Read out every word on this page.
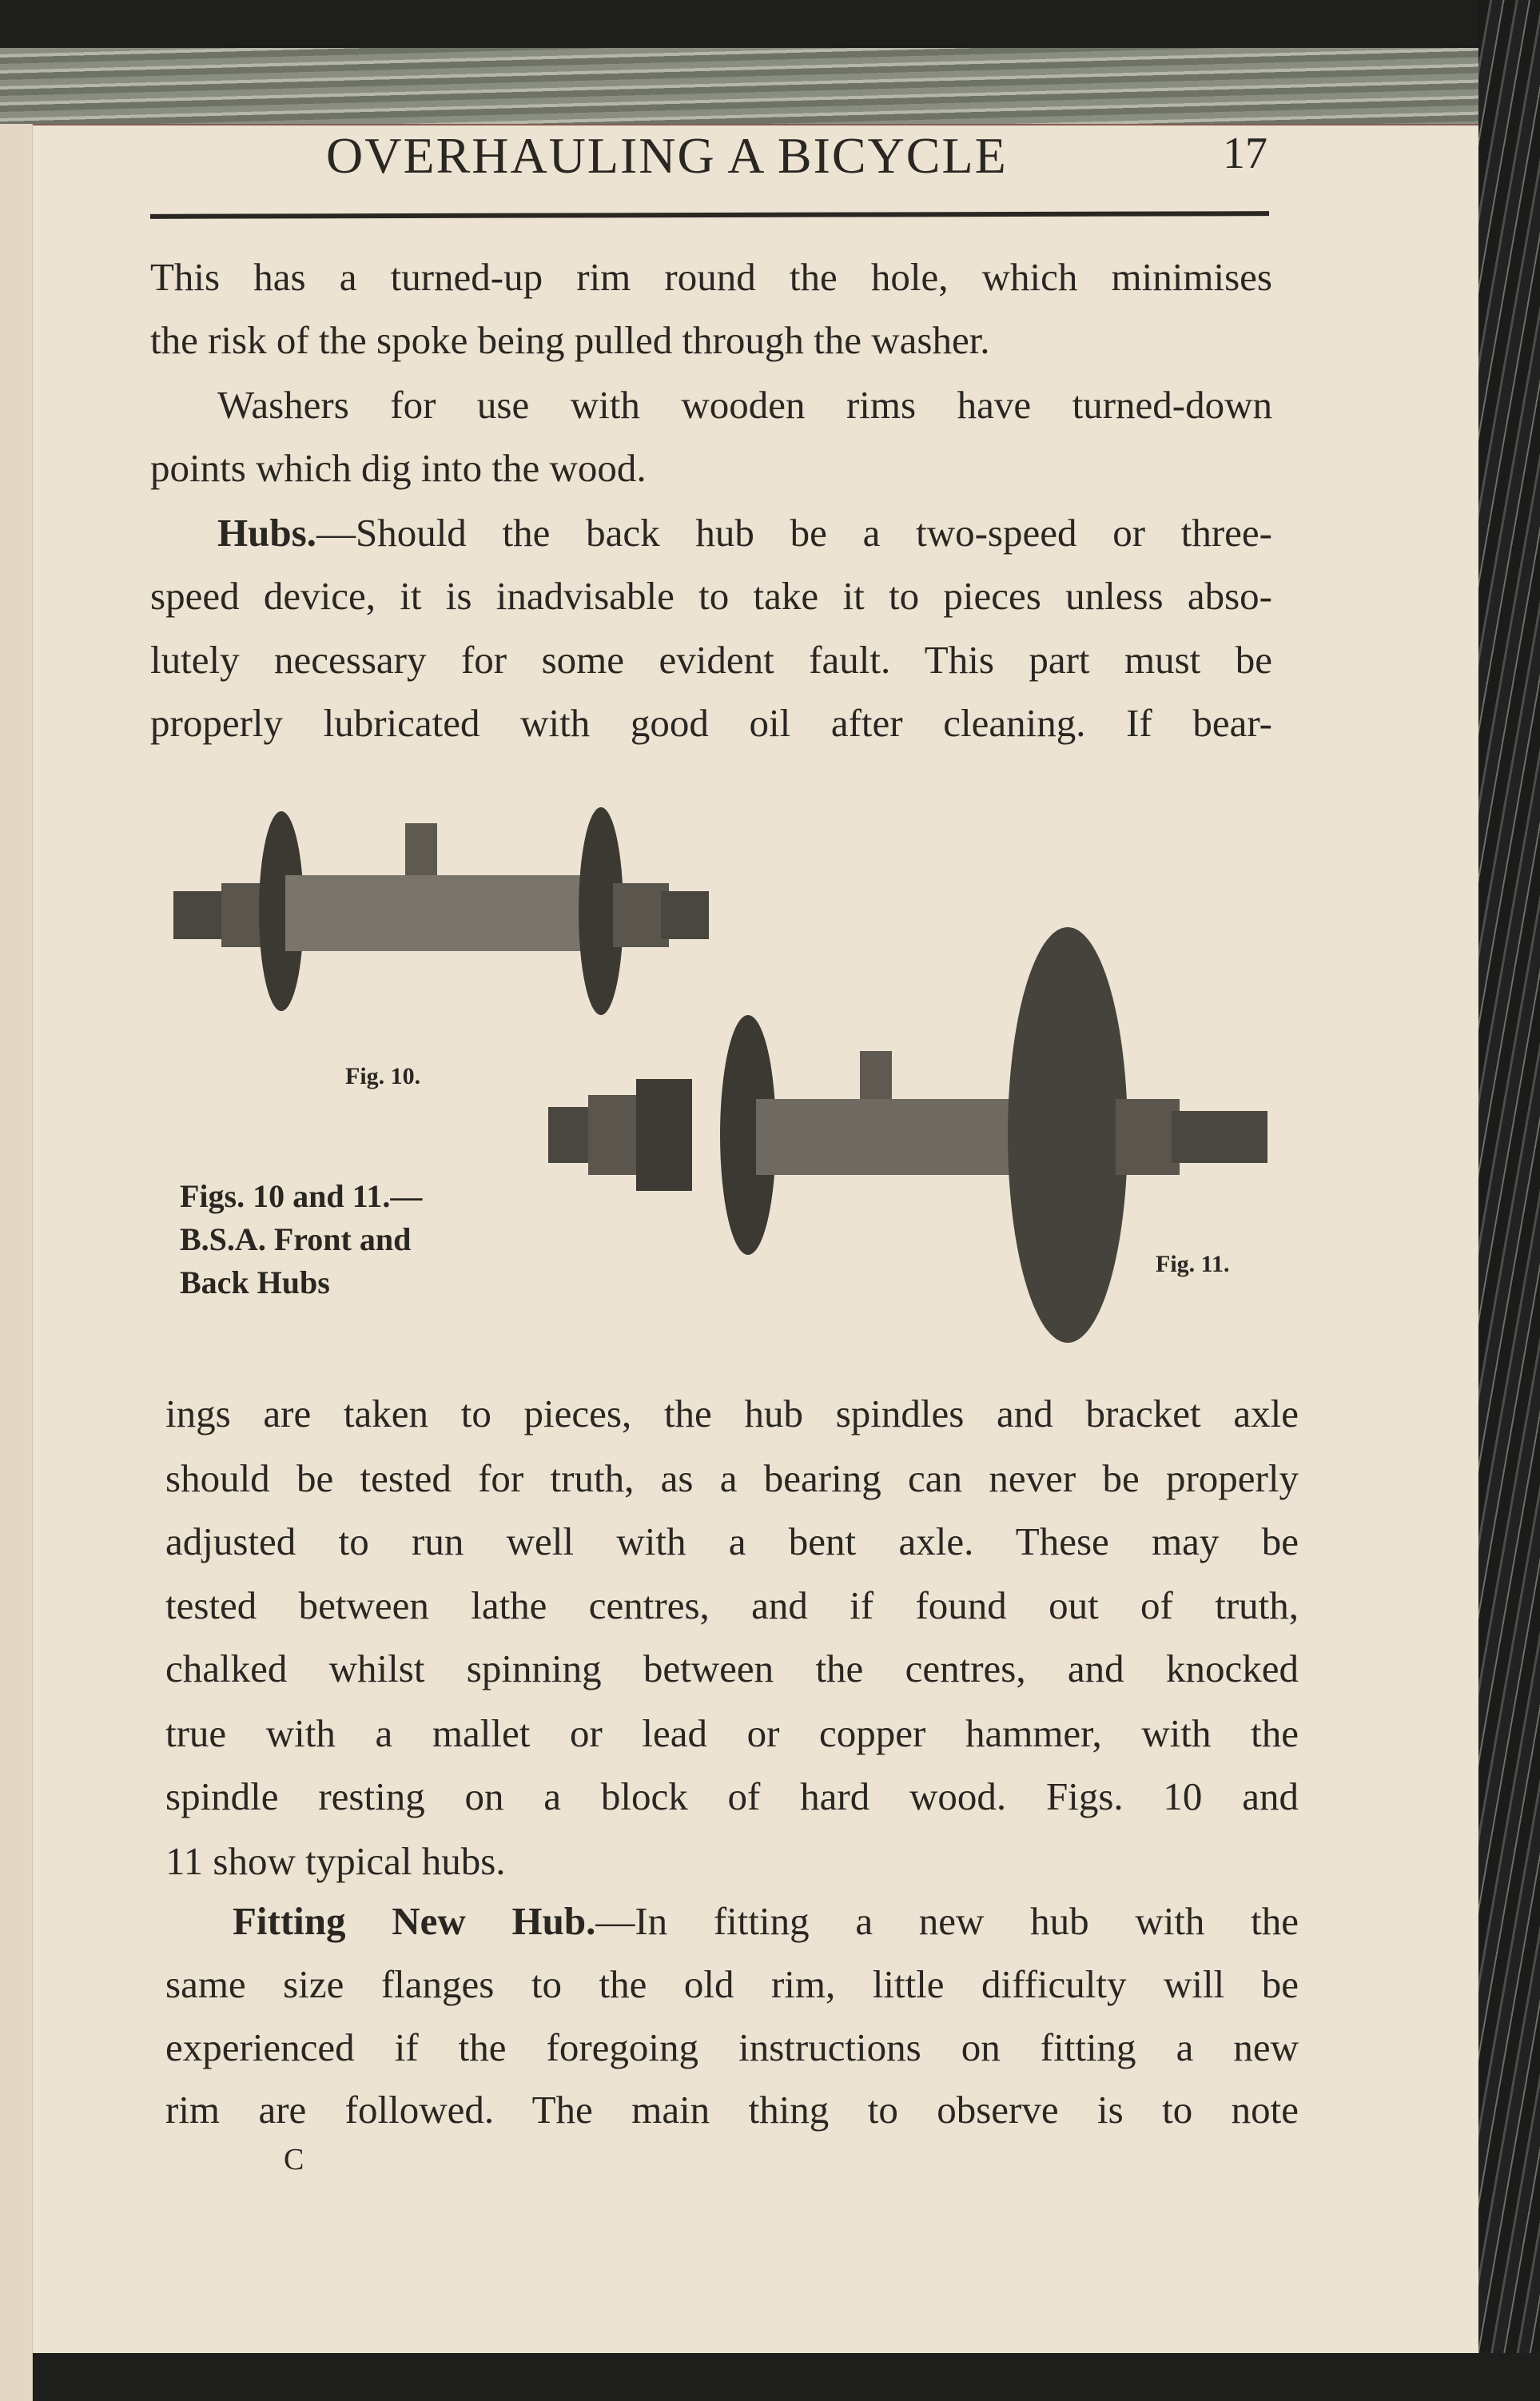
OVERHAULING A BICYCLE	17
This has a turned-up rim round the hole, which minimises
the risk of the spoke being pulled through the washer.
Washers for use with wooden rims have turned-down
points which dig into the wood.
Hubs.—Should the back hub be a two-speed or three-
speed device, it is inadvisable to take it to pieces unless abso-
lutely necessary for some evident fault. This part must be
properly lubricated with good oil after cleaning. If bear-
Fig. 10.
Fig. 11.
Figs. 10 and 11.—
B.S.A. Front and
Back Hubs
ings are taken to pieces, the hub spindles and bracket axle
should be tested for truth, as a bearing can never be properly
adjusted to run well with a bent axle. These may be
tested between lathe centres, and if found out of truth,
chalked whilst spinning between the centres, and knocked
true with a mallet or lead or copper hammer, with the
spindle resting on a block of hard wood. Figs. 10 and
11 show typical hubs.
Fitting New Hub.—In fitting a new hub with the
same size flanges to the old rim, little difficulty will be
experienced if the foregoing instructions on fitting a new
rim are followed. The main thing to observe is to note
C
